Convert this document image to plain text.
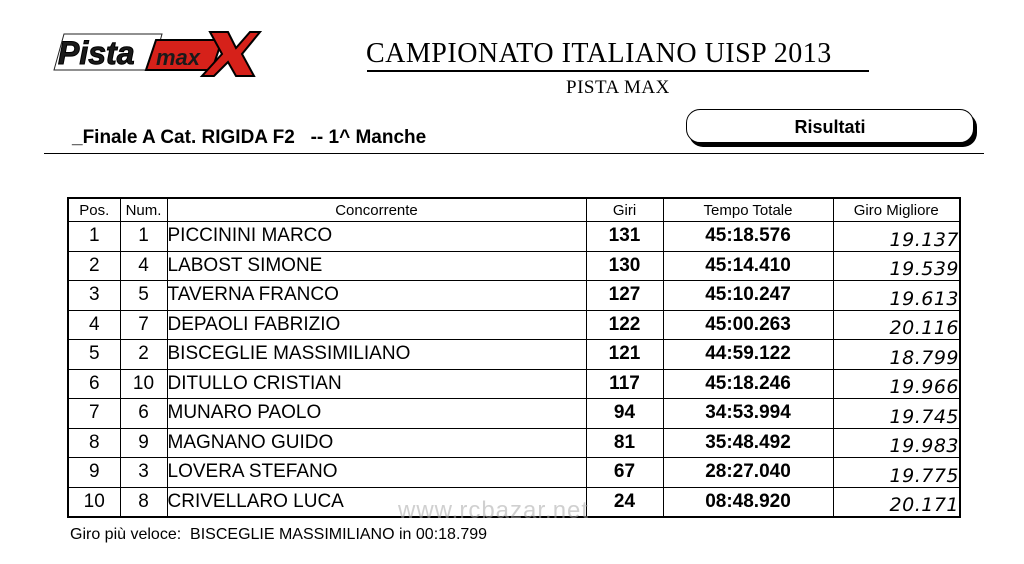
Pista max	CAMPIONATO ITALIANO UISP 2013
PISTA MAX
_Finale A Cat. RIGIDA F2   -- 1^ Manche	Risultati
Pos.	Num.	Concorrente	Giri	Tempo Totale	Giro Migliore
1	1	PICCININI MARCO	131	45:18.576	19.137
2	4	LABOST SIMONE	130	45:14.410	19.539
3	5	TAVERNA FRANCO	127	45:10.247	19.613
4	7	DEPAOLI FABRIZIO	122	45:00.263	20.116
5	2	BISCEGLIE MASSIMILIANO	121	44:59.122	18.799
6	10	DITULLO CRISTIAN	117	45:18.246	19.966
7	6	MUNARO PAOLO	94	34:53.994	19.745
8	9	MAGNANO GUIDO	81	35:48.492	19.983
9	3	LOVERA STEFANO	67	28:27.040	19.775
10	8	CRIVELLARO LUCA	24	08:48.920	20.171
www.rcbazar.net
Giro più veloce:  BISCEGLIE MASSIMILIANO in 00:18.799
